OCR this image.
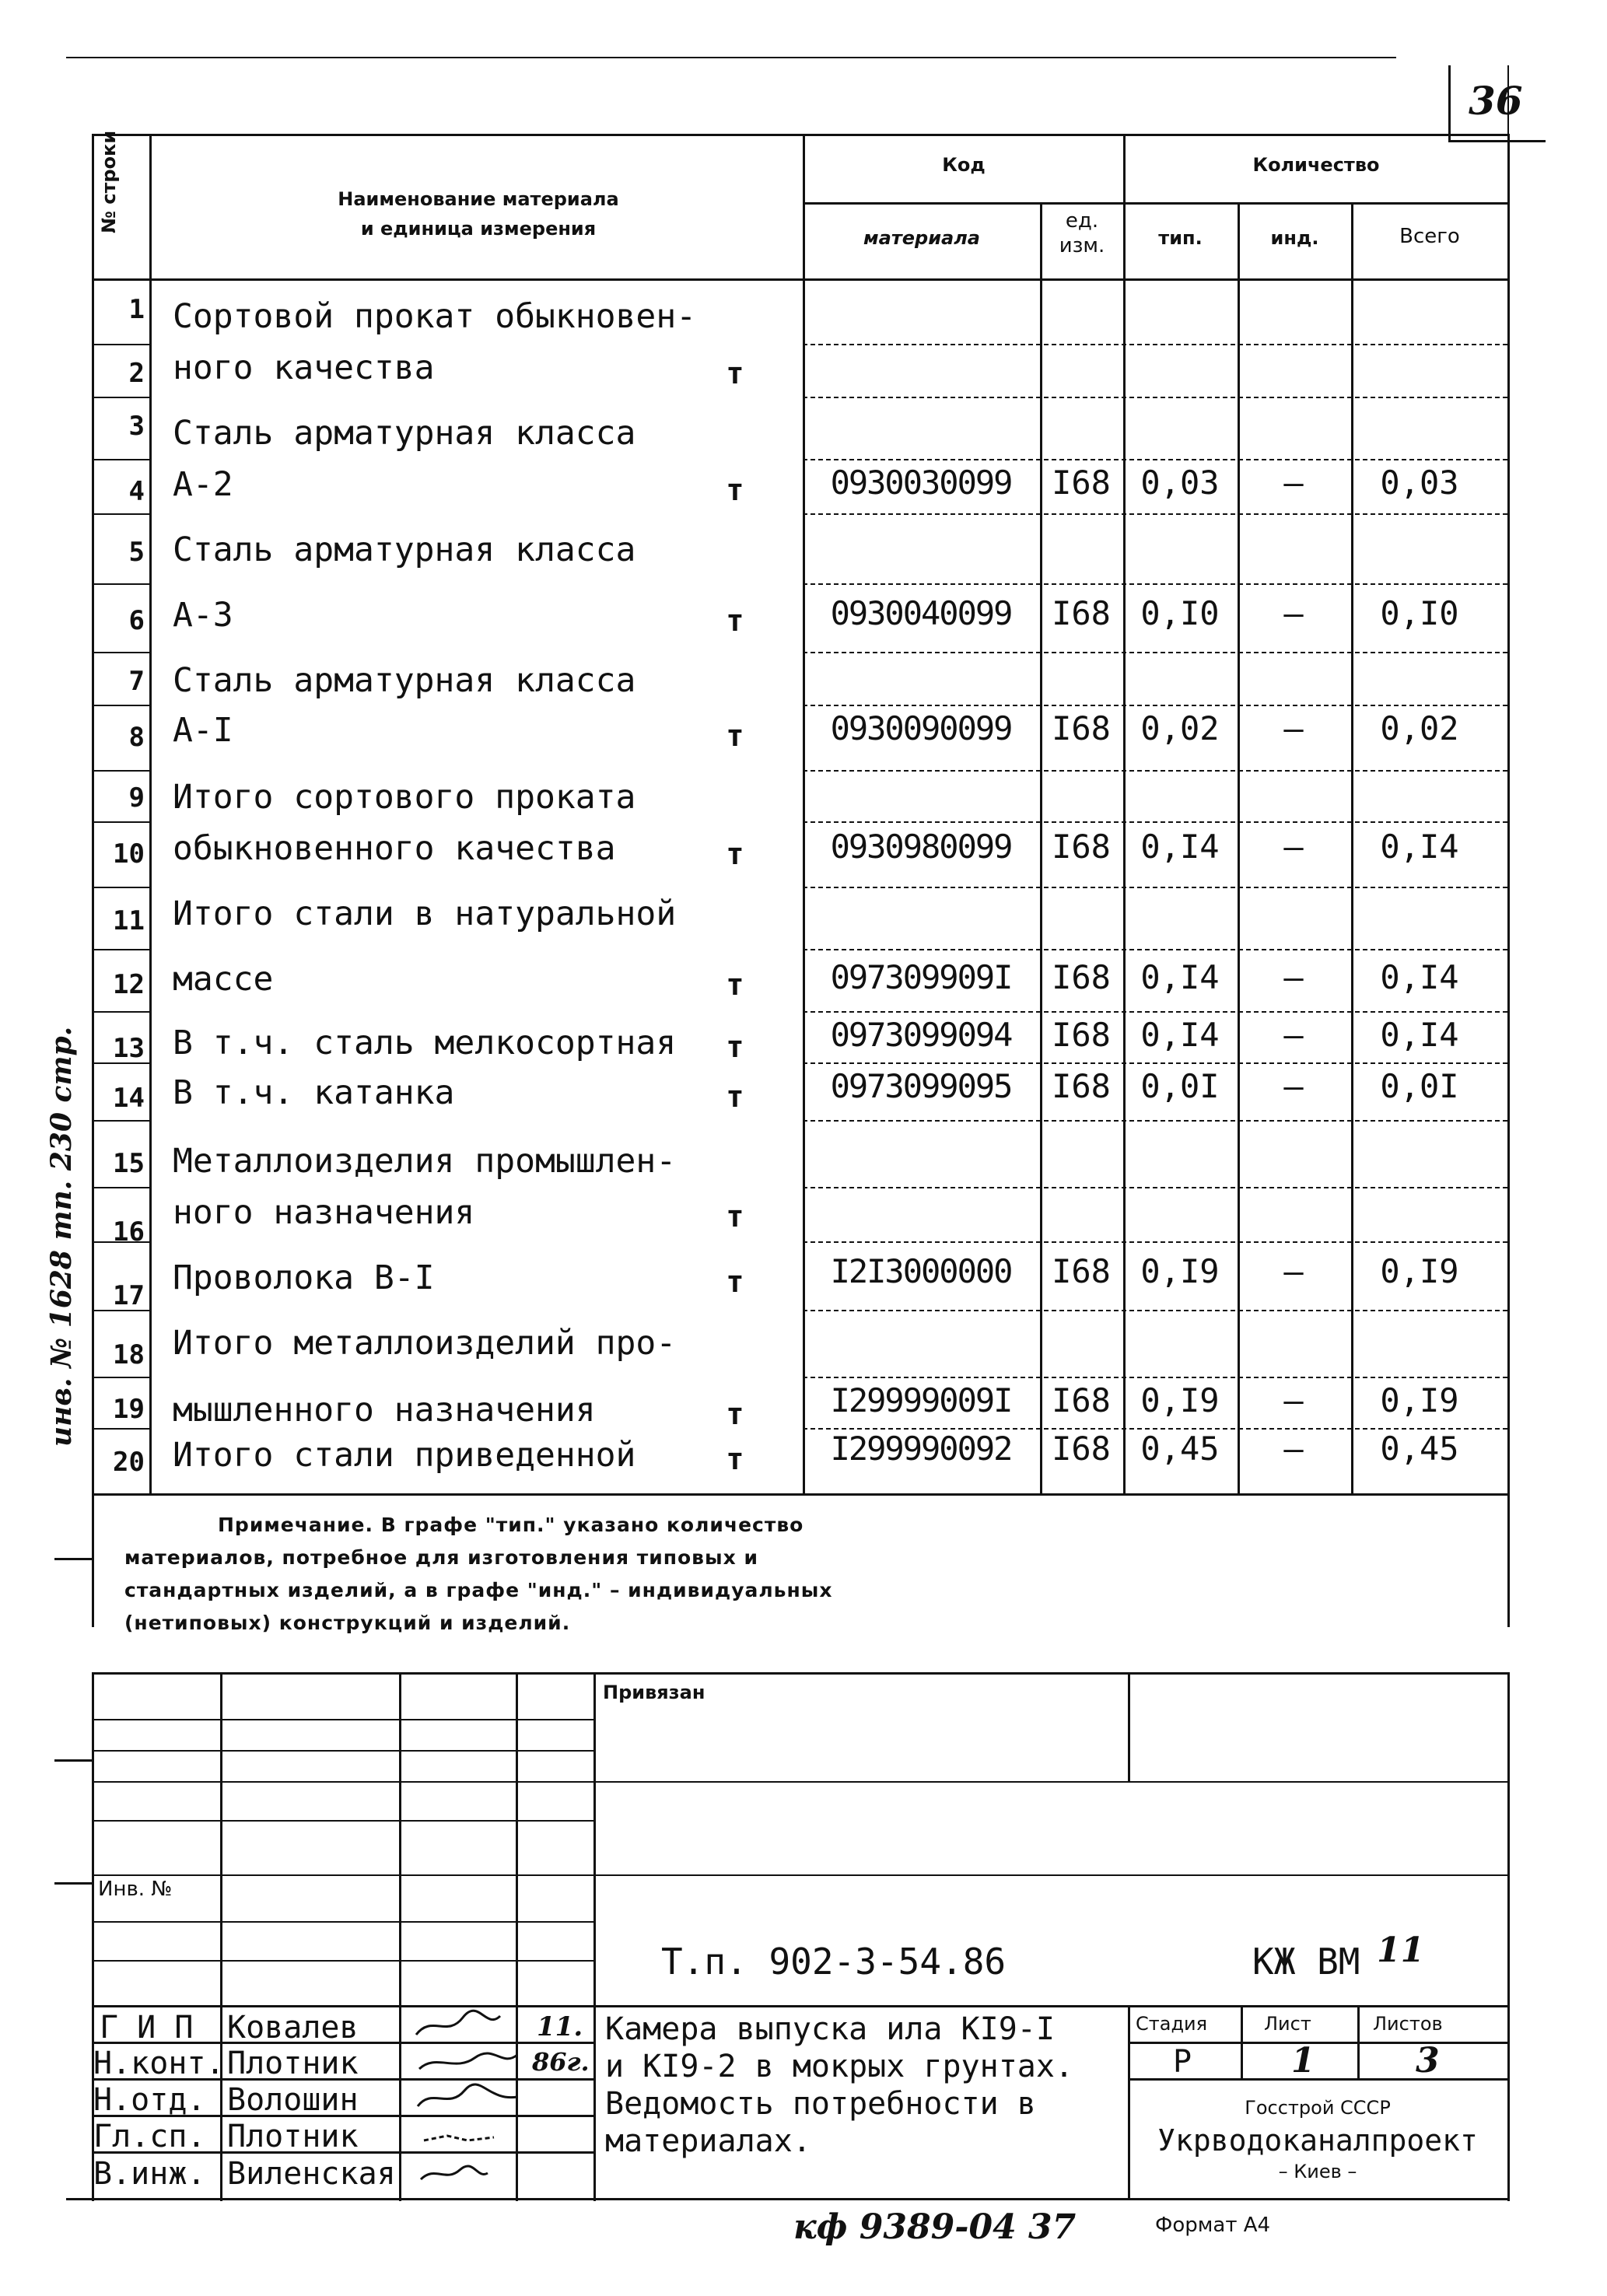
36
№ строки	Наименование материала
и единица измерения
Код	Количество
материала
ед.
изм.	тип.	инд.	Всего
1 Сортовой прокат обыкновен-
2 ного качества	т
3 Сталь арматурная класса
4 А-2	т	0930030099	I68 0,03	–	0,03
5 Сталь арматурная класса
6 А-3	т	0930040099	I68 0,I0	–	0,I0
7 Сталь арматурная класса
8 А-I	т	0930090099	I68 0,02	–	0,02
9 Итого сортового проката
10 обыкновенного качества	т	0930980099	I68 0,I4	–	0,I4
11 Итого стали в натуральной
12 массе	т	097309909I	I68 0,I4	–	0,I4
13 В т.ч. сталь мелкосортная т	0973099094	I68 0,I4	–	0,I4
14 В т.ч. катанка	т	0973099095	I68 0,0I	–	0,0I
15 Металлоизделия промышлен-
16 ного назначения	т
17 Проволока В-I	т	I2I3000000	I68 0,I9	–	0,I9
18 Итого металлоизделий про-
19 мышленного назначения	т	I29999009I	I68 0,I9	–	0,I9
20 Итого стали приведенной	т	I299990092	I68 0,45	–	0,45
Примечание. В графе "тип." указано количество
материалов, потребное для изготовления типовых и
стандартных изделий, а в графе "инд." – индивидуальных
(нетиповых) конструкций и изделий.
Привязан
Инв. №
Т.п. 902-3-54.86	КЖ ВМ 11
Г И П Ковалев	11.
Н.конт. Плотник	86г.
Н.отд. Волошин
Гл.сп. Плотник
В.инж. Виленская
Камера выпуска ила КI9-I
и КI9-2 в мокрых грунтах.
Ведомость потребности в
материалах.
Стадия	Лист	Листов
Р	1	3
Госстрой СССР
Укрводоканалпроект
– Киев –
инв. № 1628 тп. 230 стр.
кф 9389-04 37	Формат А4
